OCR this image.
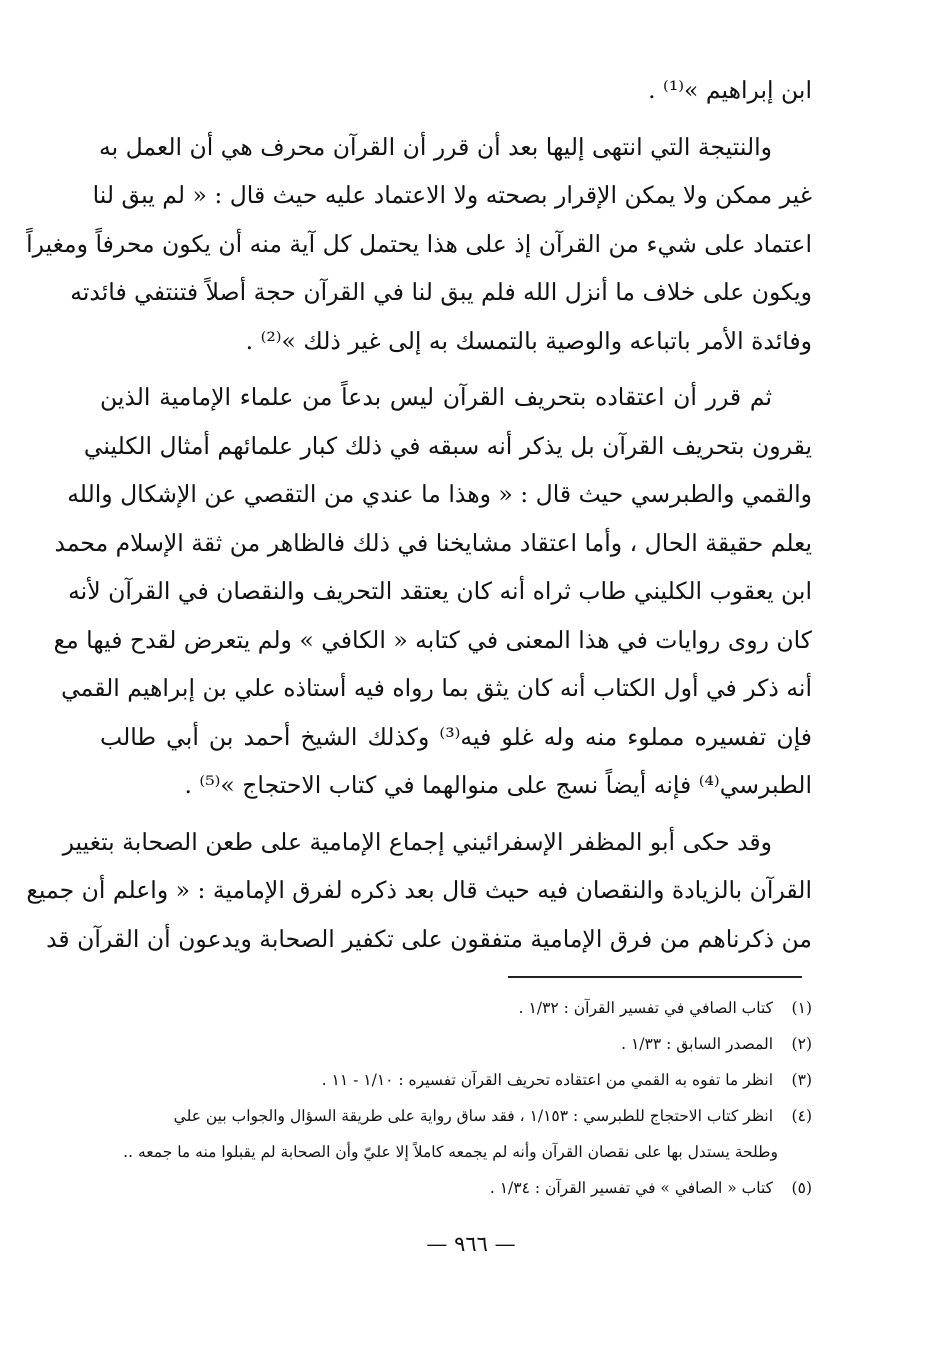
ابن إبراهيم »⁽¹⁾ .
والنتيجة التي انتهى إليها بعد أن قرر أن القرآن محرف هي أن العمل به
غير ممكن ولا يمكن الإقرار بصحته ولا الاعتماد عليه حيث قال : « لم يبق لنا
اعتماد على شيء من القرآن إذ على هذا يحتمل كل آية منه أن يكون محرفاً ومغيراً
ويكون على خلاف ما أنزل الله فلم يبق لنا في القرآن حجة أصلاً فتنتفي فائدته
وفائدة الأمر باتباعه والوصية بالتمسك به إلى غير ذلك »⁽²⁾ .
ثم قرر أن اعتقاده بتحريف القرآن ليس بدعاً من علماء الإمامية الذين
يقرون بتحريف القرآن بل يذكر أنه سبقه في ذلك كبار علمائهم أمثال الكليني
والقمي والطبرسي حيث قال : « وهذا ما عندي من التقصي عن الإشكال والله
يعلم حقيقة الحال ، وأما اعتقاد مشايخنا في ذلك فالظاهر من ثقة الإسلام محمد
ابن يعقوب الكليني طاب ثراه أنه كان يعتقد التحريف والنقصان في القرآن لأنه
كان روى روايات في هذا المعنى في كتابه « الكافي » ولم يتعرض لقدح فيها مع
أنه ذكر في أول الكتاب أنه كان يثق بما رواه فيه أستاذه علي بن إبراهيم القمي
فإن تفسيره مملوء منه وله غلو فيه⁽³⁾ وكذلك الشيخ أحمد بن أبي طالب
الطبرسي⁽⁴⁾ فإنه أيضاً نسج على منوالهما في كتاب الاحتجاج »⁽⁵⁾ .
وقد حكى أبو المظفر الإسفرائيني إجماع الإمامية على طعن الصحابة بتغيير
القرآن بالزيادة والنقصان فيه حيث قال بعد ذكره لفرق الإمامية : « واعلم أن جميع
من ذكرناهم من فرق الإمامية متفقون على تكفير الصحابة ويدعون أن القرآن قد
(١) كتاب الصافي في تفسير القرآن : ١/٣٢ .
(٢) المصدر السابق : ١/٣٣ .
(٣) انظر ما تفوه به القمي من اعتقاده تحريف القرآن تفسيره : ١/١٠ - ١١ .
(٤) انظر كتاب الاحتجاج للطبرسي : ١/١٥٣ ، فقد ساق رواية على طريقة السؤال والجواب بين علي
وطلحة يستدل بها على نقصان القرآن وأنه لم يجمعه كاملاً إلا عليّ وأن الصحابة لم يقبلوا منه ما جمعه ..
(٥) كتاب « الصافي » في تفسير القرآن : ١/٣٤ .
— ٩٦٦ —
